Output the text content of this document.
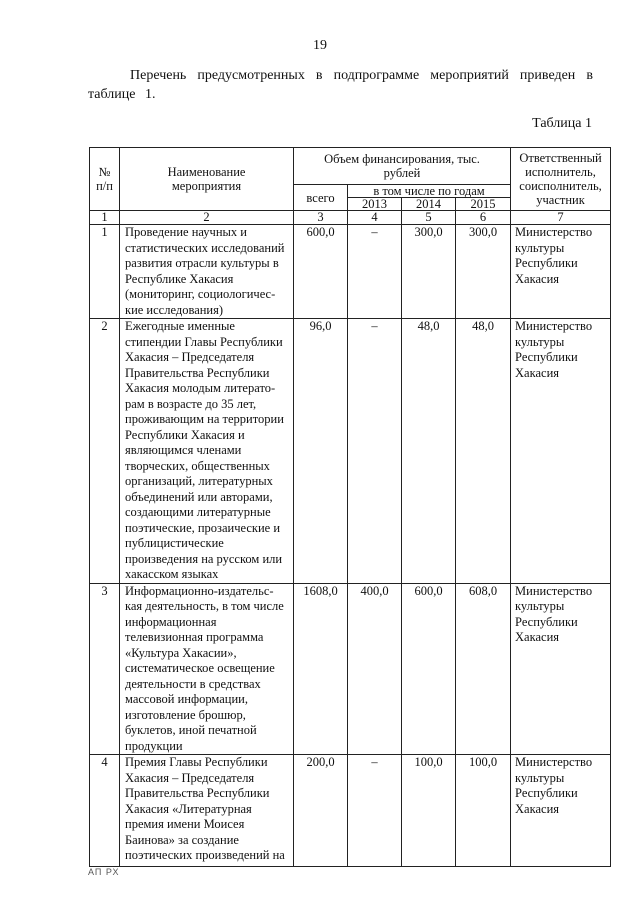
19

Перечень предусмотренных в подпрограмме мероприятий приведен в таблице 1.

Таблица 1
№ п/п	Наименование мероприятия	Объем финансирования, тыс. рублей				Ответственный исполнитель, соисполнитель, участник
		всего	в том числе по годам			
			2013	2014	2015	
1	2	3	4	5	6	7
1	Проведение научных и статистических исследований развития отрасли культуры в Республике Хакасия (мониторинг, социологичес-кие исследования)	600,0	–	300,0	300,0	Министерство культуры Республики Хакасия
2	Ежегодные именные стипендии Главы Республики Хакасия – Председателя Правительства Республики Хакасия молодым литерато-рам в возрасте до 35 лет, проживающим на территории Республики Хакасия и являющимся членами творческих, общественных организаций, литературных объединений или авторами, создающими литературные поэтические, прозаические и публицистические произведения на русском или хакасском языках	96,0	–	48,0	48,0	Министерство культуры Республики Хакасия
3	Информационно-издательс-кая деятельность, в том числе информационная телевизионная программа «Культура Хакасии», систематическое освещение деятельности в средствах массовой информации, изготовление брошюр, буклетов, иной печатной продукции	1608,0	400,0	600,0	608,0	Министерство культуры Республики Хакасия
4	Премия Главы Республики Хакасия – Председателя Правительства Республики Хакасия «Литературная премия имени Моисея Баинова» за создание поэтических произведений на	200,0	–	100,0	100,0	Министерство культуры Республики Хакасия
АП РХ
